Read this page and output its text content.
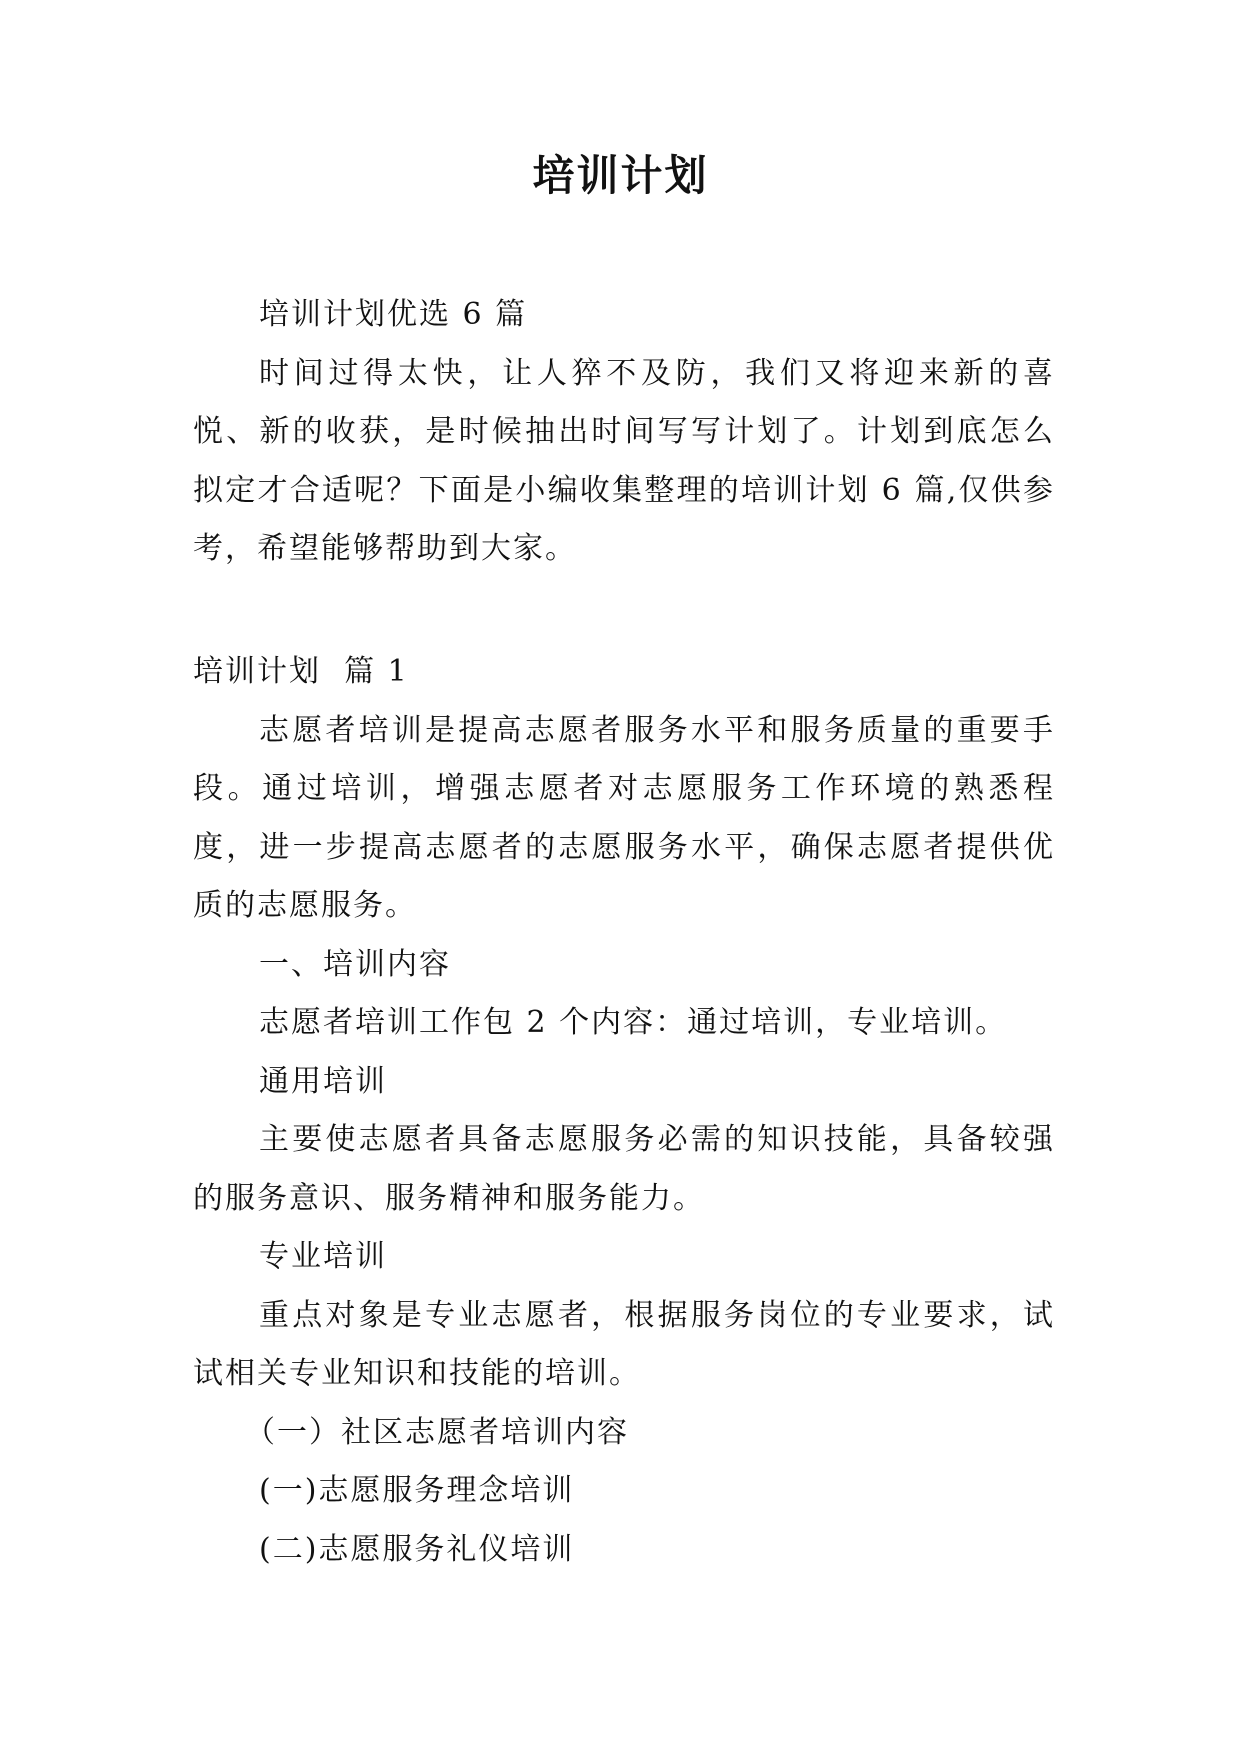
培训计划

培训计划优选 6 篇

时间过得太快，让人猝不及防，我们又将迎来新的喜悦、新的收获，是时候抽出时间写写计划了。计划到底怎么拟定才合适呢？下面是小编收集整理的培训计划 6 篇,仅供参考，希望能够帮助到大家。

培训计划  篇 1

志愿者培训是提高志愿者服务水平和服务质量的重要手段。通过培训，增强志愿者对志愿服务工作环境的熟悉程度，进一步提高志愿者的志愿服务水平，确保志愿者提供优质的志愿服务。

一、培训内容

志愿者培训工作包 2 个内容：通过培训，专业培训。

通用培训

主要使志愿者具备志愿服务必需的知识技能，具备较强的服务意识、服务精神和服务能力。

专业培训

重点对象是专业志愿者，根据服务岗位的专业要求，试试相关专业知识和技能的培训。

（一）社区志愿者培训内容

(一)志愿服务理念培训

(二)志愿服务礼仪培训
